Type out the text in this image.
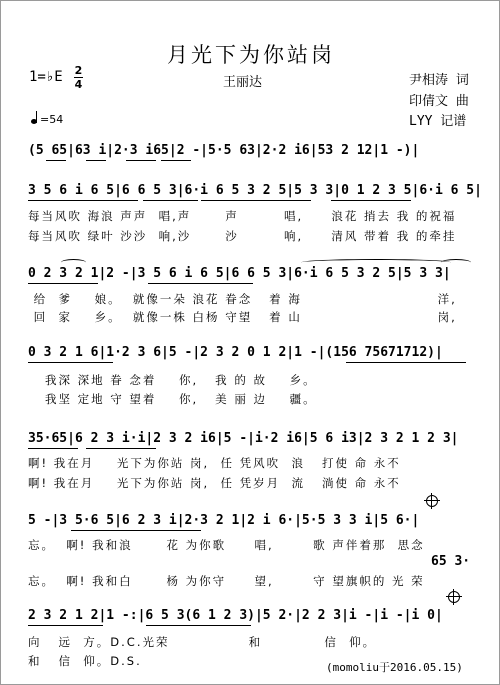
月光下为你站岗
1=♭E 2
4	王丽达	尹相涛 词
印倩文 曲
LYY 记谱
=54
(5 65|63 i|2·3 i65|2 -|5·5 63|2·2 i6|53 2 12|1 -)|
3 5 6 i 6 5|6 6 5 3|6·i 6 5 3 2 5|5 3 3|0 1 2 3 5|6·i 6 5|
每当风吹 海浪 声声  唱,声      声        唱,     浪花 捎去 我 的祝福
每当风吹 绿叶 沙沙  响,沙      沙        响,     清风 带着 我 的牵挂
0 2 3 2 1|2 -|3 5 6 i 6 5|6 6 5 3|6·i 6 5 3 2 5|5 3 3|
给  爹    娘。  就像一朵 浪花 眷念   着 海                        洋,
回  家    乡。  就像一株 白杨 守望   着 山                        岗,
0 3 2 1 6|1·2 3 6|5 -|2 3 2 0 1 2|1 -|(156 75671712)|
我深 深地 眷 念着    你,   我 的 故    乡。
我坚 定地 守 望着    你,   美 丽 边    疆。
35·65|6 2 3 i·i|2 3 2 i6|5 -|i·2 i6|5 6 i3|2 3 2 1 2 3|
啊! 我在月    光下为你站 岗,  任 凭风吹  浪   打使 命 永不
啊! 我在月    光下为你站 岗,  任 凭岁月  流   淌使 命 永不
5 -|3 5·6 5|6 2 3 i|2·3 2 1|2 i 6·|5·5 3 3 i|5 6·|
忘。  啊! 我和浪      花 为你歌     唱,       歌 声伴着那  思念
65 3·
忘。  啊! 我和白      杨 为你守     望,       守 望旗帜的 光 荣
2 3 2 1 2|1 -:|6 5 3(6 1 2 3)|5 2·|2 2 3|i -|i -|i 0|
向   远  方。D.C.光荣              和           信  仰。
和   信  仰。D.S.	(momoliu于2016.05.15)
